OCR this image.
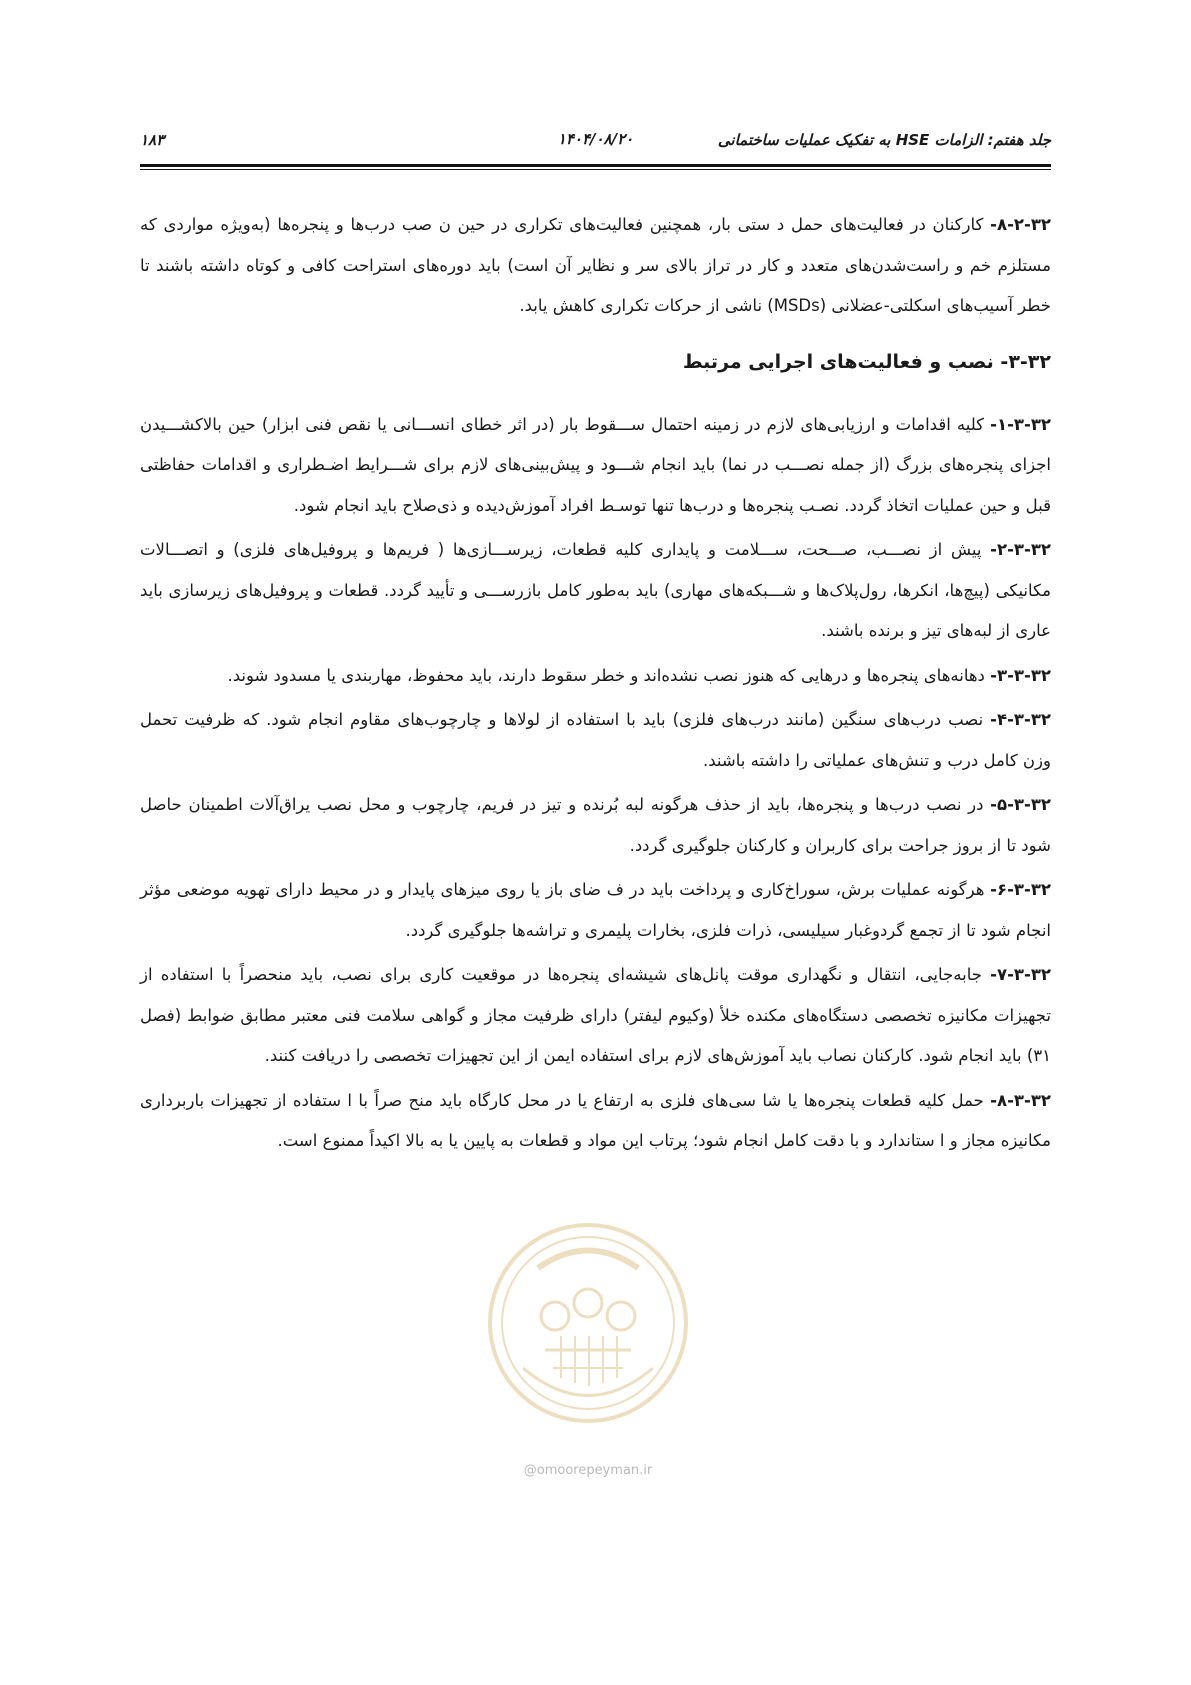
جلد هفتم: الزامات HSE به تفکیک عملیات ساختمانی
۱۴۰۴/۰۸/۲۰
۱۸۳

۸-۲-۳۲- کارکنان در فعالیت‌های حمل د ستی بار، همچنین فعالیت‌های تکراری در حین ن صب درب‌ها و پنجره‌ها (به‌ویژه مواردی که مستلزم خم و راست‌شدن‌های متعدد و کار در تراز بالای سر و نظایر آن است) باید دوره‌های استراحت کافی و کوتاه داشته باشند تا خطر آسیب‌های اسکلتی-عضلانی (MSDs) ناشی از حرکات تکراری کاهش یابد.

۳-۳۲- نصب و فعالیت‌های اجرایی مرتبط

۱-۳-۳۲- کلیه اقدامات و ارزیابی‌های لازم در زمینه احتمال ســـقوط بار (در اثر خطای انســـانی یا نقص فنی ابزار) حین بالاکشـــیدن اجزای پنجره‌های بزرگ (از جمله نصـــب در نما) باید انجام شـــود و پیش‌بینی‌های لازم برای شـــرایط اضـطراری و اقدامات حفاظتی قبل و حین عملیات اتخاذ گردد. نصـب پنجره‌ها و درب‌ها تنها توسـط افراد آموزش‌دیده و ذی‌صلاح باید انجام شود.

۲-۳-۳۲- پیش از نصـــب، صـــحت، ســـلامت و پایداری کلیه قطعات، زیرســـازی‌ها ( فریم‌ها و پروفیل‌های فلزی) و اتصـــالات مکانیکی (پیچ‌ها، انکرها، رول‌پلاک‌ها و شـــبکه‌های مهاری) باید به‌طور کامل بازرســـی و تأیید گردد. قطعات و پروفیل‌های زیرسازی باید عاری از لبه‌های تیز و برنده باشند.

۳-۳-۳۲- دهانه‌های پنجره‌ها و درهایی که هنوز نصب نشده‌اند و خطر سقوط دارند، باید محفوظ، مهاربندی یا مسدود شوند.

۴-۳-۳۲- نصب درب‌های سنگین (مانند درب‌های فلزی) باید با استفاده از لولاها و چارچوب‌های مقاوم انجام شود. که ظرفیت تحمل وزن کامل درب و تنش‌های عملیاتی را داشته باشند.

۵-۳-۳۲- در نصب درب‌ها و پنجره‌ها، باید از حذف هرگونه لبه بُرنده و تیز در فریم، چارچوب و محل نصب یراق‌آلات اطمینان حاصل شود تا از بروز جراحت برای کاربران و کارکنان جلوگیری گردد.

۶-۳-۳۲- هرگونه عملیات برش، سوراخ‌کاری و پرداخت باید در ف ضای باز یا روی میزهای پایدار و در محیط دارای تهویه موضعی مؤثر انجام شود تا از تجمع گردوغبار سیلیسی، ذرات فلزی، بخارات پلیمری و تراشه‌ها جلوگیری گردد.

۷-۳-۳۲- جابه‌جایی، انتقال و نگهداری موقت پانل‌های شیشه‌ای پنجره‌ها در موقعیت کاری برای نصب، باید منحصراً با استفاده از تجهیزات مکانیزه تخصصی دستگاه‌های مکنده خلأ (وکیوم لیفتر) دارای ظرفیت مجاز و گواهی سلامت فنی معتبر مطابق ضوابط (فصل ۳۱) باید انجام شود. کارکنان نصاب باید آموزش‌های لازم برای استفاده ایمن از این تجهیزات تخصصی را دریافت کنند.

۸-۳-۳۲- حمل کلیه قطعات پنجره‌ها یا شا سی‌های فلزی به ارتفاع یا در محل کارگاه باید منح صراً با ا ستفاده از تجهیزات باربرداری مکانیزه مجاز و ا ستاندارد و با دقت کامل انجام شود؛ پرتاب این مواد و قطعات به پایین یا به بالا اکیداً ممنوع است.

@omoorepeyman.ir
